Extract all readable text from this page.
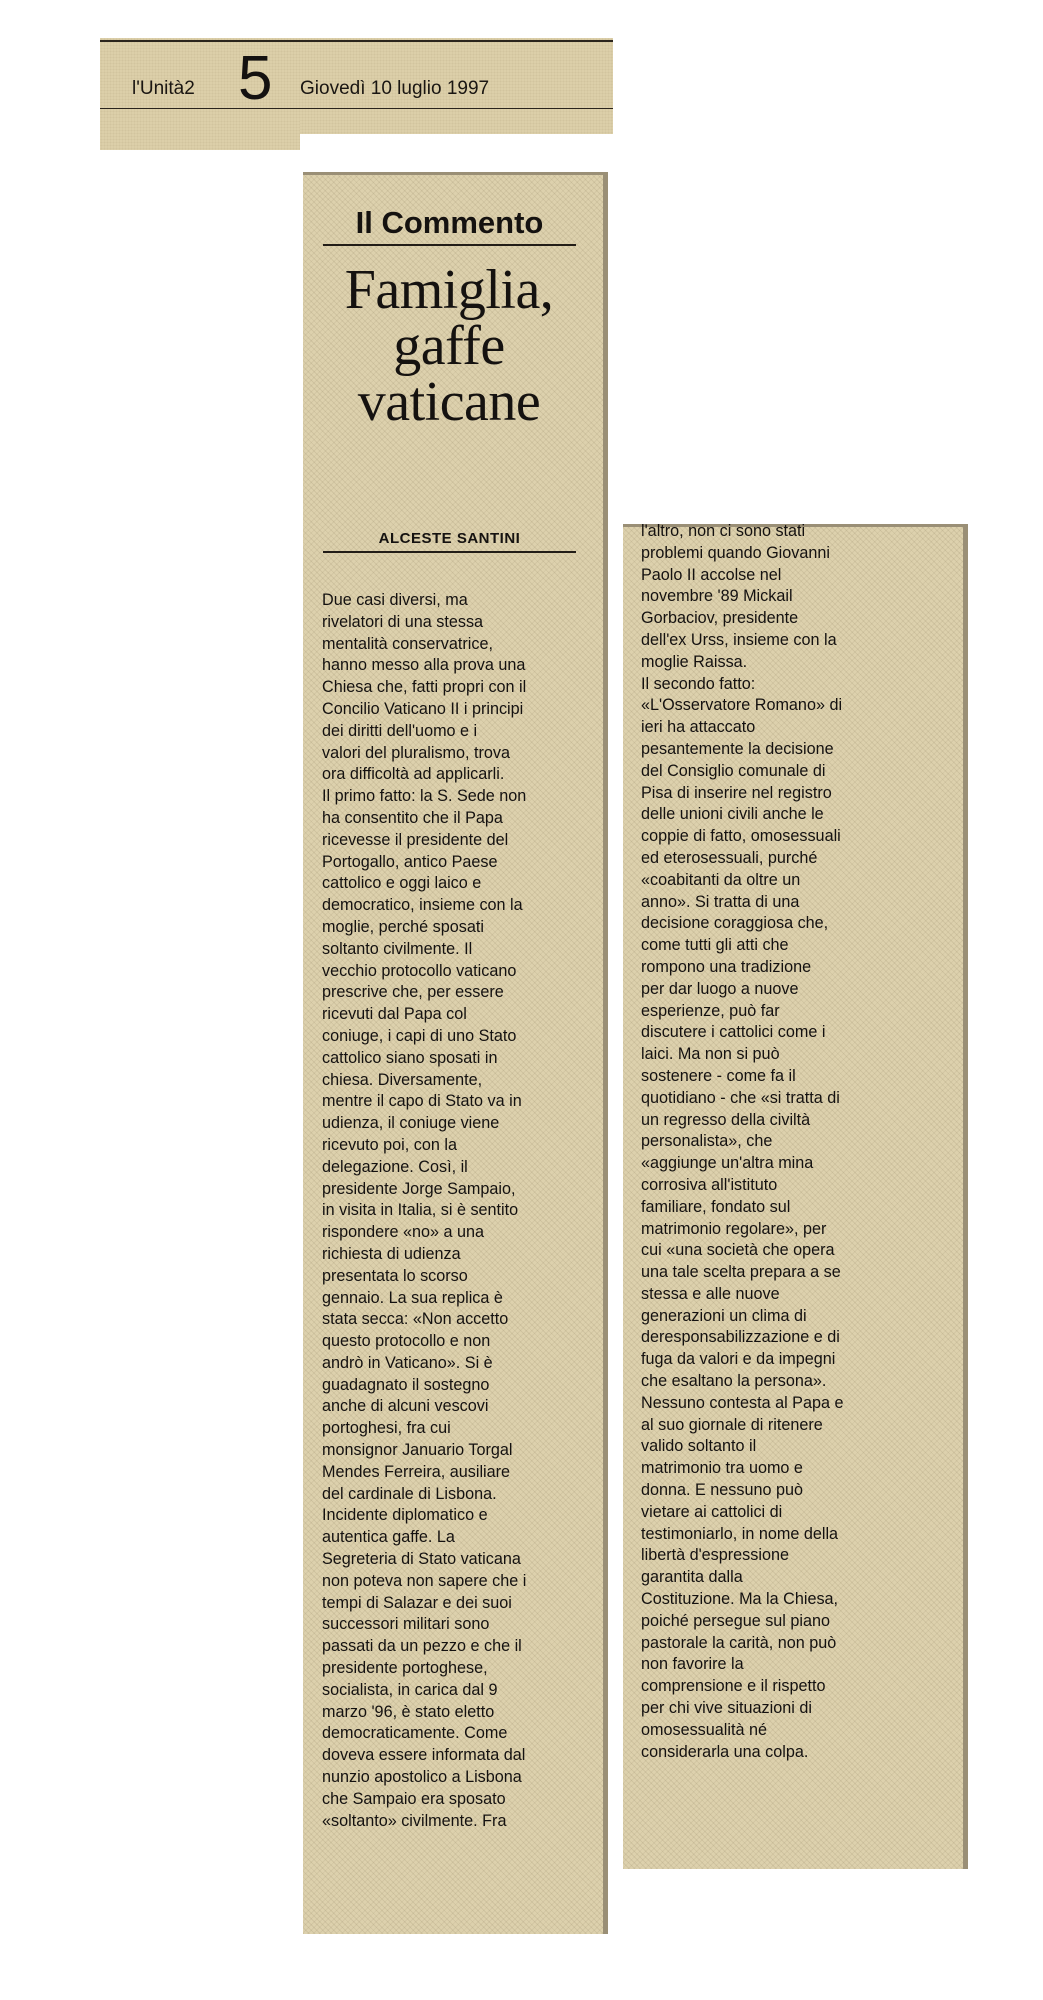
l'Unità2 5 Giovedì 10 luglio 1997
Il Commento
Famiglia,
gaffe
vaticane
ALCESTE SANTINI
Due casi diversi, ma
rivelatori di una stessa
mentalità conservatrice,
hanno messo alla prova una
Chiesa che, fatti propri con il
Concilio Vaticano II i principi
dei diritti dell'uomo e i
valori del pluralismo, trova
ora difficoltà ad applicarli.
Il primo fatto: la S. Sede non
ha consentito che il Papa
ricevesse il presidente del
Portogallo, antico Paese
cattolico e oggi laico e
democratico, insieme con la
moglie, perché sposati
soltanto civilmente. Il
vecchio protocollo vaticano
prescrive che, per essere
ricevuti dal Papa col
coniuge, i capi di uno Stato
cattolico siano sposati in
chiesa. Diversamente,
mentre il capo di Stato va in
udienza, il coniuge viene
ricevuto poi, con la
delegazione. Così, il
presidente Jorge Sampaio,
in visita in Italia, si è sentito
rispondere «no» a una
richiesta di udienza
presentata lo scorso
gennaio. La sua replica è
stata secca: «Non accetto
questo protocollo e non
andrò in Vaticano». Si è
guadagnato il sostegno
anche di alcuni vescovi
portoghesi, fra cui
monsignor Januario Torgal
Mendes Ferreira, ausiliare
del cardinale di Lisbona.
Incidente diplomatico e
autentica gaffe. La
Segreteria di Stato vaticana
non poteva non sapere che i
tempi di Salazar e dei suoi
successori militari sono
passati da un pezzo e che il
presidente portoghese,
socialista, in carica dal 9
marzo '96, è stato eletto
democraticamente. Come
doveva essere informata dal
nunzio apostolico a Lisbona
che Sampaio era sposato
«soltanto» civilmente. Fra
l'altro, non ci sono stati
problemi quando Giovanni
Paolo II accolse nel
novembre '89 Mickail
Gorbaciov, presidente
dell'ex Urss, insieme con la
moglie Raissa.
Il secondo fatto:
«L'Osservatore Romano» di
ieri ha attaccato
pesantemente la decisione
del Consiglio comunale di
Pisa di inserire nel registro
delle unioni civili anche le
coppie di fatto, omosessuali
ed eterosessuali, purché
«coabitanti da oltre un
anno». Si tratta di una
decisione coraggiosa che,
come tutti gli atti che
rompono una tradizione
per dar luogo a nuove
esperienze, può far
discutere i cattolici come i
laici. Ma non si può
sostenere - come fa il
quotidiano - che «si tratta di
un regresso della civiltà
personalista», che
«aggiunge un'altra mina
corrosiva all'istituto
familiare, fondato sul
matrimonio regolare», per
cui «una società che opera
una tale scelta prepara a se
stessa e alle nuove
generazioni un clima di
deresponsabilizzazione e di
fuga da valori e da impegni
che esaltano la persona».
Nessuno contesta al Papa e
al suo giornale di ritenere
valido soltanto il
matrimonio tra uomo e
donna. E nessuno può
vietare ai cattolici di
testimoniarlo, in nome della
libertà d'espressione
garantita dalla
Costituzione. Ma la Chiesa,
poiché persegue sul piano
pastorale la carità, non può
non favorire la
comprensione e il rispetto
per chi vive situazioni di
omosessualità né
considerarla una colpa.
